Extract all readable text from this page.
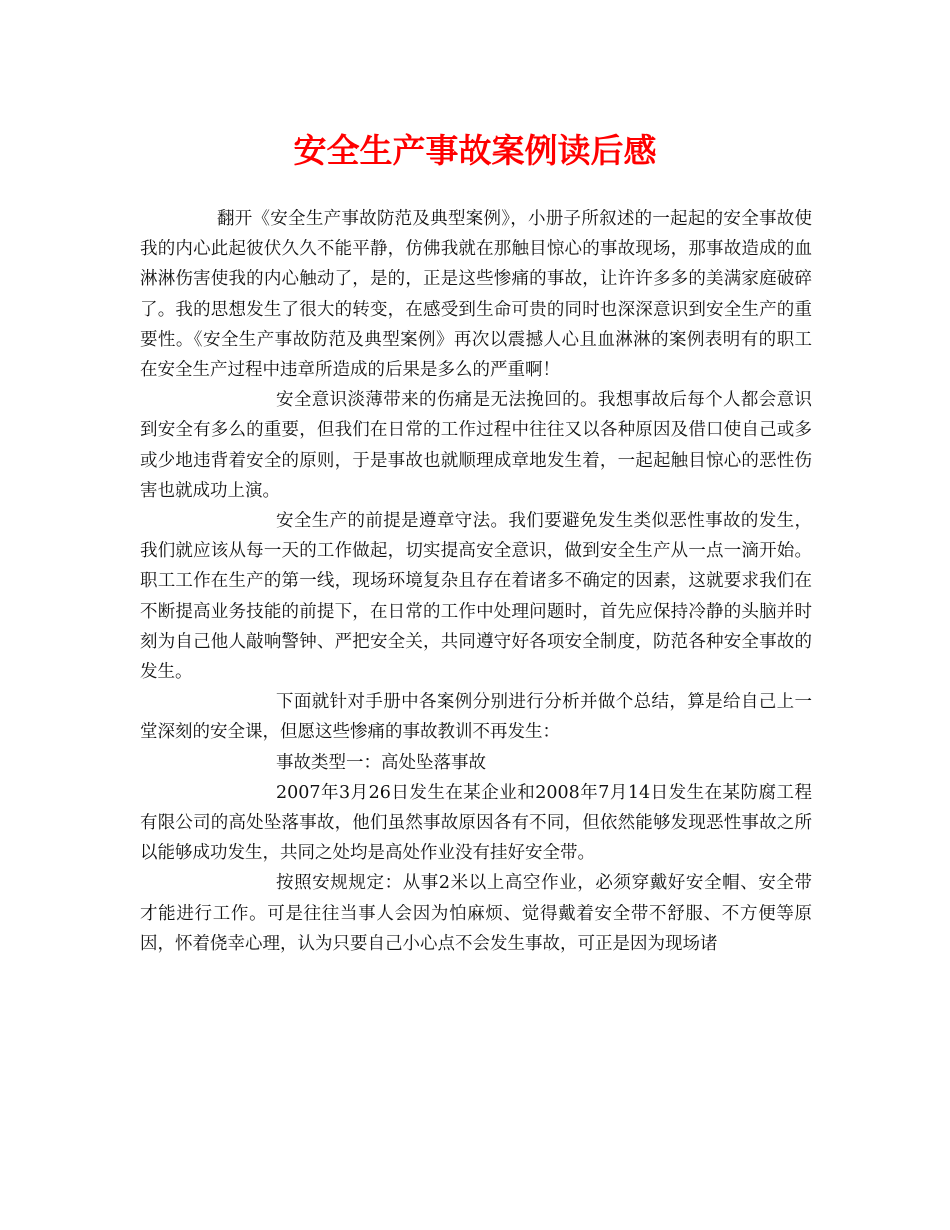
安全生产事故案例读后感

翻开《安全生产事故防范及典型案例》，小册子所叙述的一起起的安全事故使我的内心此起彼伏久久不能平静，仿佛我就在那触目惊心的事故现场，那事故造成的血淋淋伤害使我的内心触动了，是的，正是这些惨痛的事故，让许许多多的美满家庭破碎了。我的思想发生了很大的转变，在感受到生命可贵的同时也深深意识到安全生产的重要性。《安全生产事故防范及典型案例》再次以震撼人心且血淋淋的案例表明有的职工在安全生产过程中违章所造成的后果是多么的严重啊！

安全意识淡薄带来的伤痛是无法挽回的。我想事故后每个人都会意识到安全有多么的重要，但我们在日常的工作过程中往往又以各种原因及借口使自己或多或少地违背着安全的原则，于是事故也就顺理成章地发生着，一起起触目惊心的恶性伤害也就成功上演。

安全生产的前提是遵章守法。我们要避免发生类似恶性事故的发生，我们就应该从每一天的工作做起，切实提高安全意识，做到安全生产从一点一滴开始。职工工作在生产的第一线，现场环境复杂且存在着诸多不确定的因素，这就要求我们在不断提高业务技能的前提下，在日常的工作中处理问题时，首先应保持冷静的头脑并时刻为自己他人敲响警钟、严把安全关，共同遵守好各项安全制度，防范各种安全事故的发生。

下面就针对手册中各案例分别进行分析并做个总结，算是给自己上一堂深刻的安全课，但愿这些惨痛的事故教训不再发生：

事故类型一：高处坠落事故

2007年3月26日发生在某企业和2008年7月14日发生在某防腐工程有限公司的高处坠落事故，他们虽然事故原因各有不同，但依然能够发现恶性事故之所以能够成功发生，共同之处均是高处作业没有挂好安全带。

按照安规规定：从事2米以上高空作业，必须穿戴好安全帽、安全带才能进行工作。可是往往当事人会因为怕麻烦、觉得戴着安全带不舒服、不方便等原因，怀着侥幸心理，认为只要自己小心点不会发生事故，可正是因为现场诸
